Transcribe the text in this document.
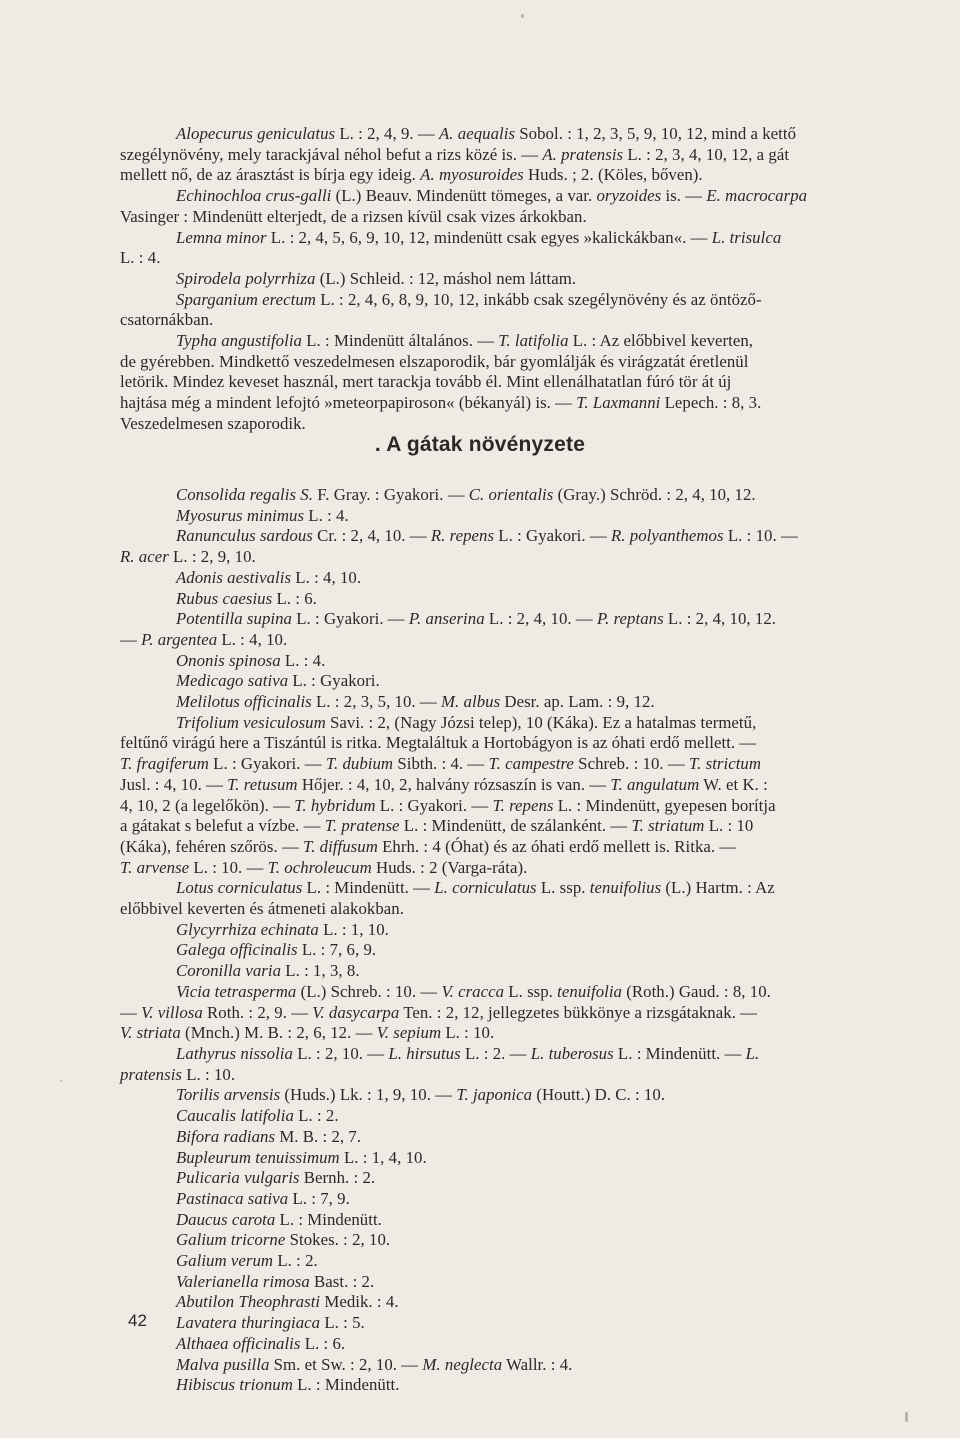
Alopecurus geniculatus L. : 2, 4, 9. — A. aequalis Sobol. : 1, 2, 3, 5, 9, 10, 12, mind a kettő
szegélynövény, mely tarackjával néhol befut a rizs közé is. — A. pratensis L. : 2, 3, 4, 10, 12, a gát
mellett nő, de az árasztást is bírja egy ideig. A. myosuroides Huds. ; 2. (Köles, bőven).
Echinochloa crus-galli (L.) Beauv. Mindenütt tömeges, a var. oryzoides is. — E. macrocarpa
Vasinger : Mindenütt elterjedt, de a rizsen kívül csak vizes árkokban.
Lemna minor L. : 2, 4, 5, 6, 9, 10, 12, mindenütt csak egyes »kalickákban«. — L. trisulca
L. : 4.
Spirodela polyrrhiza (L.) Schleid. : 12, máshol nem láttam.
Sparganium erectum L. : 2, 4, 6, 8, 9, 10, 12, inkább csak szegélynövény és az öntöző-
csatornákban.
Typha angustifolia L. : Mindenütt általános. — T. latifolia L. : Az előbbivel keverten,
de gyérebben. Mindkettő veszedelmesen elszaporodik, bár gyomlálják és virágzatát éretlenül
letörik. Mindez keveset használ, mert tarackja tovább él. Mint ellenálhatatlan fúró tör át új
hajtása még a mindent lefojtó »meteorpapiroson« (békanyál) is. — T. Laxmanni Lepech. : 8, 3.
Veszedelmesen szaporodik.
. A gátak növényzete
Consolida regalis S. F. Gray. : Gyakori. — C. orientalis (Gray.) Schröd. : 2, 4, 10, 12.
Myosurus minimus L. : 4.
Ranunculus sardous Cr. : 2, 4, 10. — R. repens L. : Gyakori. — R. polyanthemos L. : 10. —
R. acer L. : 2, 9, 10.
Adonis aestivalis L. : 4, 10.
Rubus caesius L. : 6.
Potentilla supina L. : Gyakori. — P. anserina L. : 2, 4, 10. — P. reptans L. : 2, 4, 10, 12.
— P. argentea L. : 4, 10.
Ononis spinosa L. : 4.
Medicago sativa L. : Gyakori.
Melilotus officinalis L. : 2, 3, 5, 10. — M. albus Desr. ap. Lam. : 9, 12.
Trifolium vesiculosum Savi. : 2, (Nagy Józsi telep), 10 (Káka). Ez a hatalmas termetű,
feltűnő virágú here a Tiszántúl is ritka. Megtaláltuk a Hortobágyon is az óhati erdő mellett. —
T. fragiferum L. : Gyakori. — T. dubium Sibth. : 4. — T. campestre Schreb. : 10. — T. strictum
Jusl. : 4, 10. — T. retusum Hőjer. : 4, 10, 2, halvány rózsaszín is van. — T. angulatum W. et K. :
4, 10, 2 (a legelőkön). — T. hybridum L. : Gyakori. — T. repens L. : Mindenütt, gyepesen borítja
a gátakat s belefut a vízbe. — T. pratense L. : Mindenütt, de szálanként. — T. striatum L. : 10
(Káka), fehéren szőrös. — T. diffusum Ehrh. : 4 (Óhat) és az óhati erdő mellett is. Ritka. —
T. arvense L. : 10. — T. ochroleucum Huds. : 2 (Varga-ráta).
Lotus corniculatus L. : Mindenütt. — L. corniculatus L. ssp. tenuifolius (L.) Hartm. : Az
előbbivel keverten és átmeneti alakokban.
Glycyrrhiza echinata L. : 1, 10.
Galega officinalis L. : 7, 6, 9.
Coronilla varia L. : 1, 3, 8.
Vicia tetrasperma (L.) Schreb. : 10. — V. cracca L. ssp. tenuifolia (Roth.) Gaud. : 8, 10.
— V. villosa Roth. : 2, 9. — V. dasycarpa Ten. : 2, 12, jellegzetes bükkönye a rizsgátaknak. —
V. striata (Mnch.) M. B. : 2, 6, 12. — V. sepium L. : 10.
Lathyrus nissolia L. : 2, 10. — L. hirsutus L. : 2. — L. tuberosus L. : Mindenütt. — L.
pratensis L. : 10.
Torilis arvensis (Huds.) Lk. : 1, 9, 10. — T. japonica (Houtt.) D. C. : 10.
Caucalis latifolia L. : 2.
Bifora radians M. B. : 2, 7.
Bupleurum tenuissimum L. : 1, 4, 10.
Pulicaria vulgaris Bernh. : 2.
Pastinaca sativa L. : 7, 9.
Daucus carota L. : Mindenütt.
Galium tricorne Stokes. : 2, 10.
Galium verum L. : 2.
Valerianella rimosa Bast. : 2.
Abutilon Theophrasti Medik. : 4.
Lavatera thuringiaca L. : 5.
Althaea officinalis L. : 6.
Malva pusilla Sm. et Sw. : 2, 10. — M. neglecta Wallr. : 4.
Hibiscus trionum L. : Mindenütt.
42
